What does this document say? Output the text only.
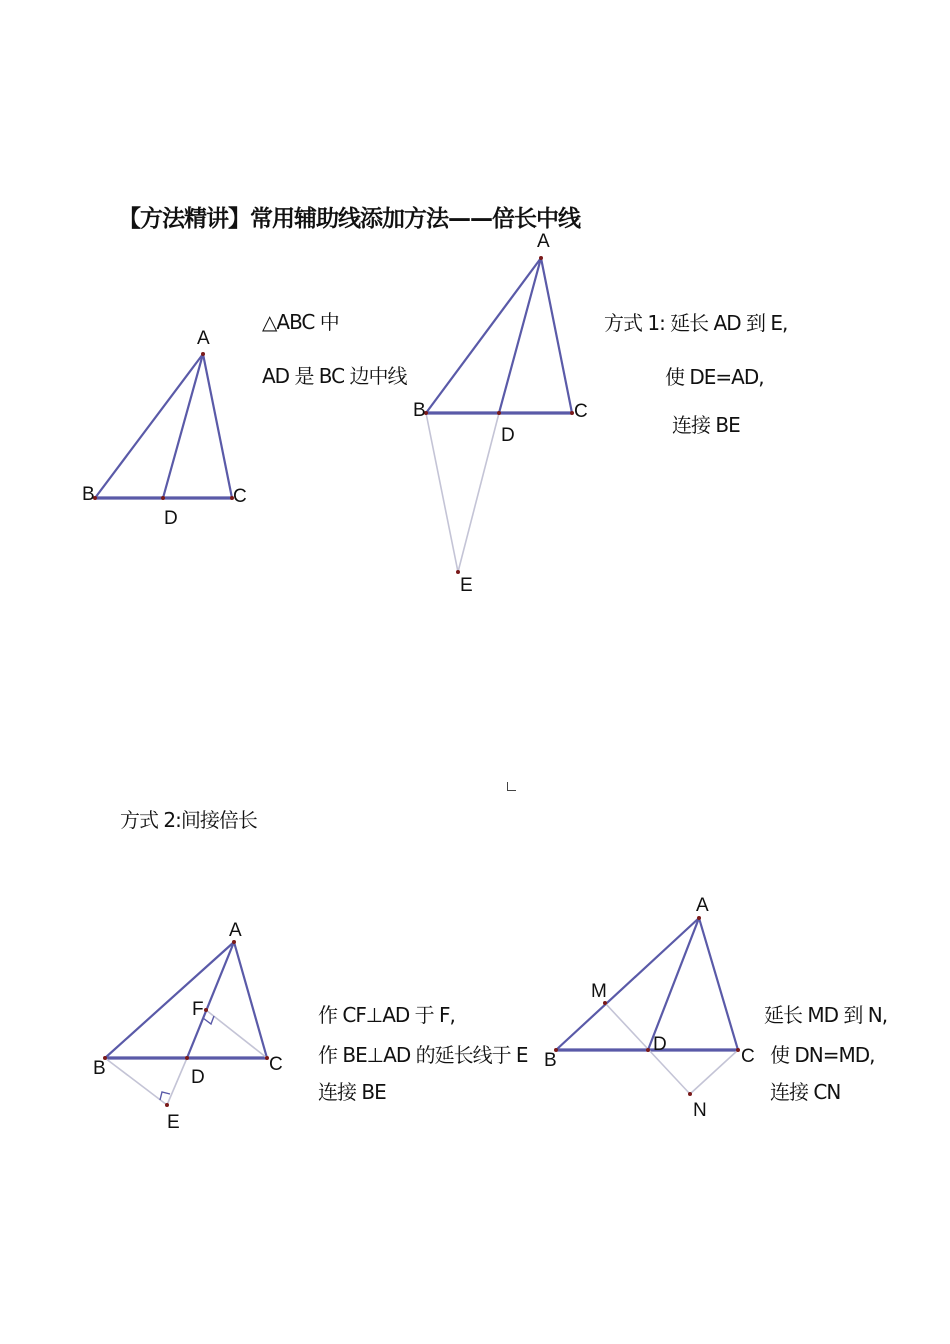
【方法精讲】常用辅助线添加方法——倍长中线
△ABC 中
AD 是 BC 边中线
方式 1: 延长 AD 到 E,
使 DE=AD,
连接 BE
方式 2:间接倍长
作 CF⊥AD 于 F,
作 BE⊥AD 的延长线于 E
连接 BE
延长 MD 到 N,
使 DN=MD,
连接 CN
A
B	C
D
A
B	C
D
E
A
B	C
D
F
E
A
B	C
D
M
N
